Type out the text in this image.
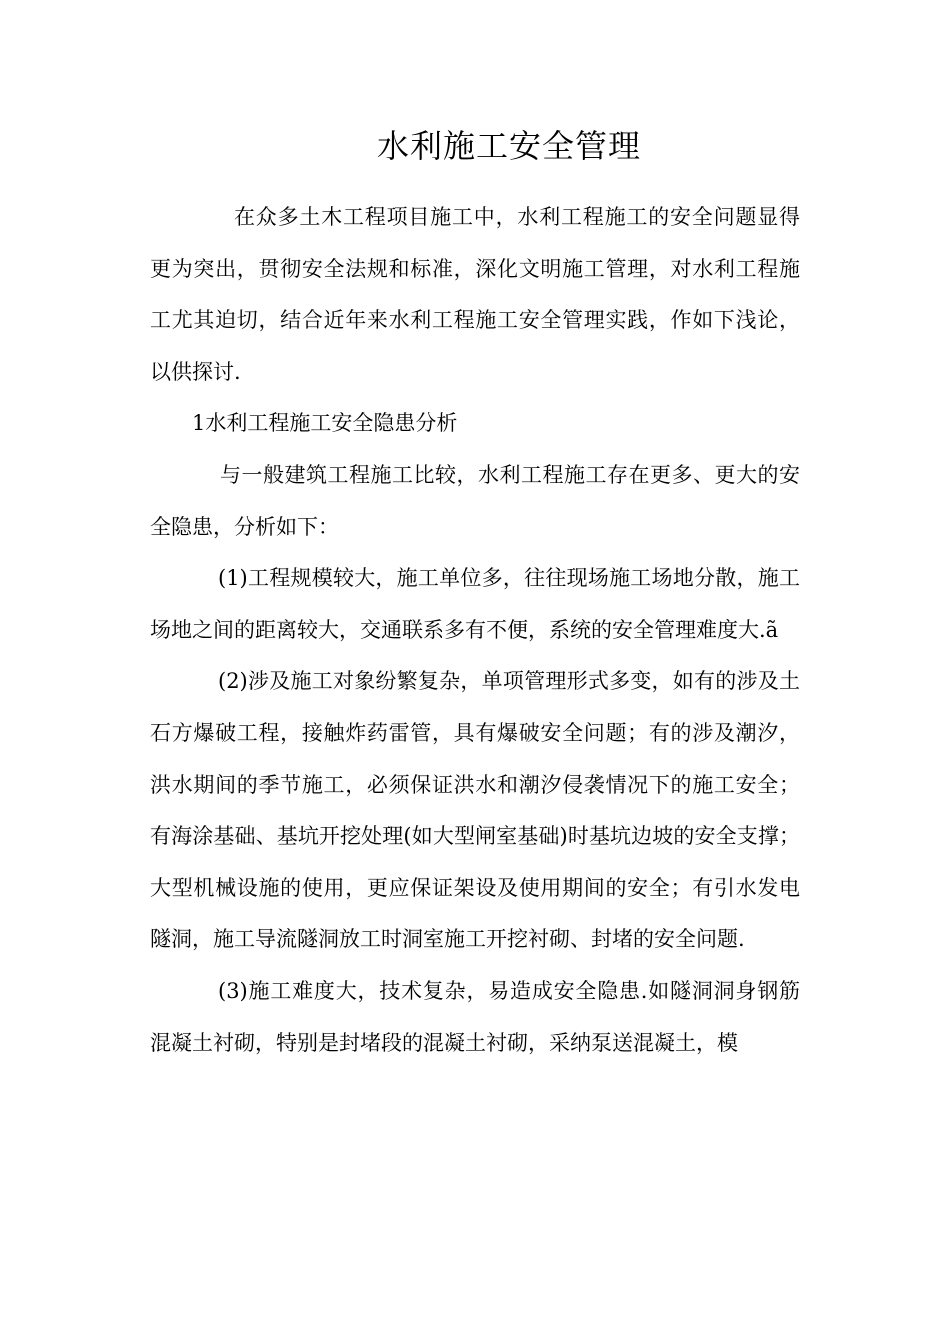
水利施工安全管理

在众多土木工程项目施工中，水利工程施工的安全问题显得更为突出，贯彻安全法规和标准，深化文明施工管理，对水利工程施工尤其迫切，结合近年来水利工程施工安全管理实践，作如下浅论，以供探讨.

1水利工程施工安全隐患分析

与一般建筑工程施工比较，水利工程施工存在更多、更大的安全隐患，分析如下：

(1)工程规模较大，施工单位多，往往现场施工场地分散，施工场地之间的距离较大，交通联系多有不便，系统的安全管理难度大.ã

(2)涉及施工对象纷繁复杂，单项管理形式多变，如有的涉及土石方爆破工程，接触炸药雷管，具有爆破安全问题；有的涉及潮汐，洪水期间的季节施工，必须保证洪水和潮汐侵袭情况下的施工安全；有海涂基础、基坑开挖处理(如大型闸室基础)时基坑边坡的安全支撑；大型机械设施的使用，更应保证架设及使用期间的安全；有引水发电隧洞，施工导流隧洞放工时洞室施工开挖衬砌、封堵的安全问题.

(3)施工难度大，技术复杂，易造成安全隐患.如隧洞洞身钢筋混凝土衬砌，特别是封堵段的混凝土衬砌，采纳泵送混凝土，模
